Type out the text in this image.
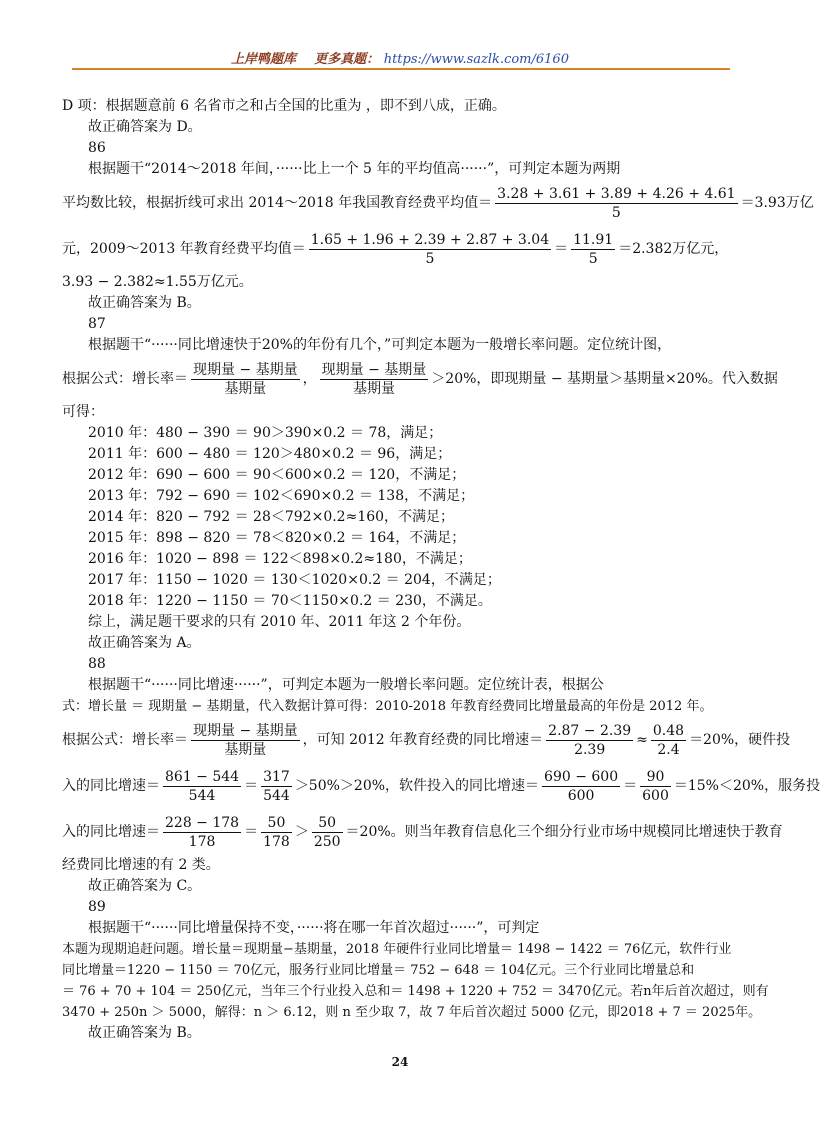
上岸鸭题库 更多真题： https://www.sazlk.com/6160
D 项：根据题意前 6 名省市之和占全国的比重为 ，即不到八成，正确。
故正确答案为 D。
86
根据题干“2014～2018 年间，······比上一个 5 年的平均值高······”，可判定本题为两期
平均数比较，根据折线可求出 2014～2018 年我国教育经费平均值＝ $\frac{3.28 + 3.61 + 3.89 + 4.26 + 4.61}{5} =3.93$万亿
元，2009～2013 年教育经费平均值＝ $\frac{1.65 + 1.96 + 2.39 + 2.87 + 3.04}{5} = \frac{11.91}{5} =2.382$万亿元，
3.93 − 2.382≈1.55万亿元。
故正确答案为 B。
87
根据题干“······同比增速快于20%的年份有几个，”可判定本题为一般增长率问题。定位统计图，
根据公式：增长率＝ $\frac{\text{现期量 − 基期量}}{\text{基期量}}$ ， $\frac{\text{现期量 − 基期量}}{\text{基期量}} >20\%$，即现期量 − 基期量＞基期量×20%。代入数据
可得：
2010 年：480 − 390 ＝ 90＞390×0.2 ＝ 78，满足；
2011 年：600 − 480 ＝ 120＞480×0.2 ＝ 96，满足；
2012 年：690 − 600 ＝ 90＜600×0.2 ＝ 120，不满足；
2013 年：792 − 690 ＝ 102＜690×0.2 ＝ 138，不满足；
2014 年：820 − 792 ＝ 28＜792×0.2≈160，不满足；
2015 年：898 − 820 ＝ 78＜820×0.2 ＝ 164，不满足；
2016 年：1020 − 898 ＝ 122＜898×0.2≈180，不满足；
2017 年：1150 − 1020 ＝ 130＜1020×0.2 ＝ 204，不满足；
2018 年：1220 − 1150 ＝ 70＜1150×0.2 ＝ 230，不满足。
综上，满足题干要求的只有 2010 年、2011 年这 2 个年份。
故正确答案为 A。
88
根据题干“······同比增速······”，可判定本题为一般增长率问题。定位统计表，根据公
式：增长量 ＝ 现期量 − 基期量，代入数据计算可得：2010-2018 年教育经费同比增量最高的年份是 2012 年。
根据公式：增长率＝ $\frac{\text{现期量 − 基期量}}{\text{基期量}}$ ，可知 2012 年教育经费的同比增速＝ $\frac{2.87 - 2.39}{2.39} \approx \frac{0.48}{2.4} =20\%$，硬件投
入的同比增速＝ $\frac{861 - 544}{544} = \frac{317}{544} >50\%>20\%$，软件投入的同比增速＝ $\frac{690 - 600}{600} = \frac{90}{600} =15\%<20\%$，服务投
入的同比增速＝ $\frac{228 - 178}{178} = \frac{50}{178} > \frac{50}{250} =20\%$。则当年教育信息化三个细分行业市场中规模同比增速快于教育
经费同比增速的有 2 类。
故正确答案为 C。
89
根据题干“······同比增量保持不变，······将在哪一年首次超过······”，可判定
本题为现期追赶问题。增长量＝现期量−基期量，2018 年硬件行业同比增量＝ 1498 − 1422 ＝ 76亿元，软件行业
同比增量＝1220 − 1150 ＝ 70亿元，服务行业同比增量＝ 752 − 648 ＝ 104亿元。三个行业同比增量总和
＝ 76 + 70 + 104 ＝ 250亿元，当年三个行业投入总和＝ 1498 + 1220 + 752 ＝ 3470亿元。若n年后首次超过，则有
3470 + 250n ＞ 5000，解得：n ＞ 6.12，则 n 至少取 7，故 7 年后首次超过 5000 亿元，即2018 + 7 ＝ 2025年。
故正确答案为 B。
24
